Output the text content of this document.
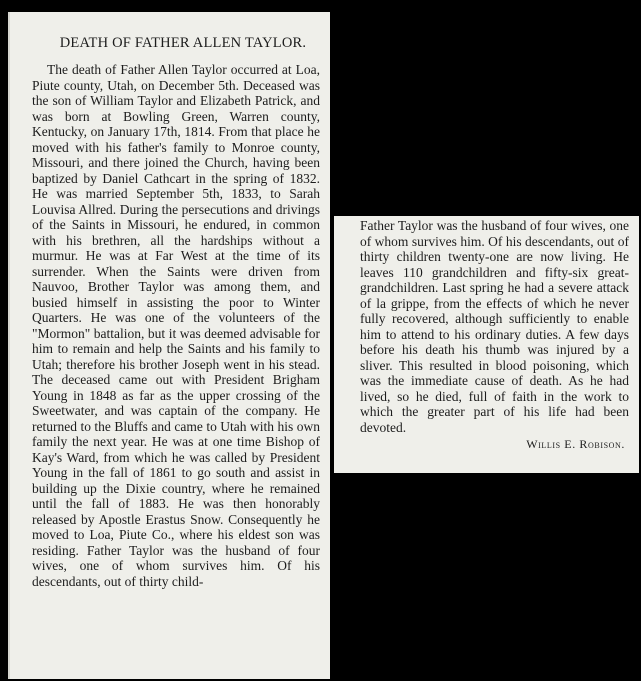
DEATH OF FATHER ALLEN TAYLOR.

The death of Father Allen Taylor occurred at Loa, Piute county, Utah, on December 5th. Deceased was the son of William Taylor and Elizabeth Patrick, and was born at Bowling Green, Warren county, Kentucky, on January 17th, 1814. From that place he moved with his father's family to Monroe county, Missouri, and there joined the Church, having been baptized by Daniel Cathcart in the spring of 1832. He was married September 5th, 1833, to Sarah Louvisa Allred. During the persecutions and drivings of the Saints in Missouri, he endured, in common with his brethren, all the hardships without a murmur. He was at Far West at the time of its surrender. When the Saints were driven from Nauvoo, Brother Taylor was among them, and busied himself in assisting the poor to Winter Quarters. He was one of the volunteers of the "Mormon" battalion, but it was deemed advisable for him to remain and help the Saints and his family to Utah; therefore his brother Joseph went in his stead. The deceased came out with President Brigham Young in 1848 as far as the upper crossing of the Sweetwater, and was captain of the company. He returned to the Bluffs and came to Utah with his own family the next year. He was at one time Bishop of Kay's Ward, from which he was called by President Young in the fall of 1861 to go south and assist in building up the Dixie country, where he remained until the fall of 1883. He was then honorably released by Apostle Erastus Snow. Consequently he moved to Loa, Piute Co., where his eldest son was residing. Father Taylor was the husband of four wives, one of whom survives him. Of his descendants, out of thirty child-

Father Taylor was the husband of four wives, one of whom survives him. Of his descendants, out of thirty children twenty-one are now living. He leaves 110 grandchildren and fifty-six great-grandchildren. Last spring he had a severe attack of la grippe, from the effects of which he never fully recovered, although sufficiently to enable him to attend to his ordinary duties. A few days before his death his thumb was injured by a sliver. This resulted in blood poisoning, which was the immediate cause of death. As he had lived, so he died, full of faith in the work to which the greater part of his life had been devoted.

Willis E. Robison.
